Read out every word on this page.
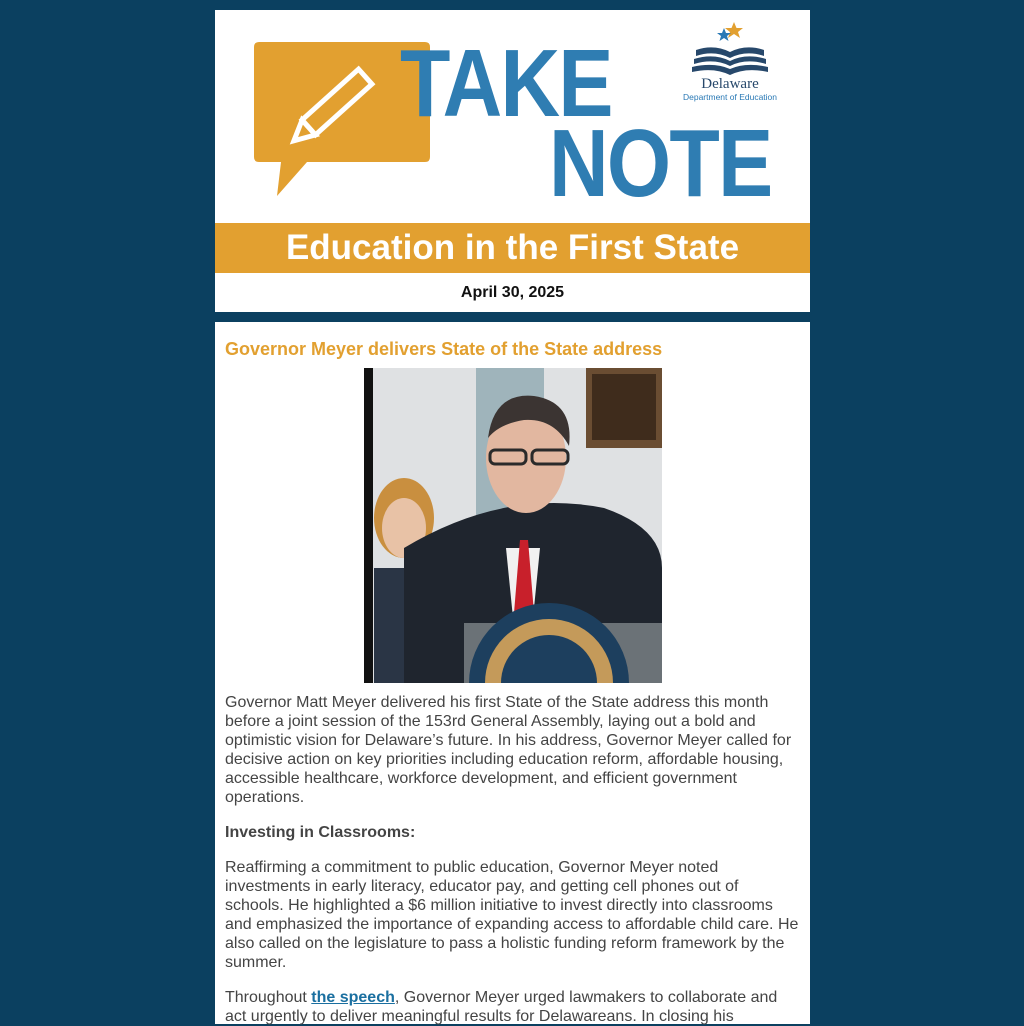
TAKE
NOTE
Delaware
Department of Education
Education in the First State
April 30, 2025
Governor Meyer delivers State of the State address

Governor Matt Meyer delivered his first State of the State address this month before a joint session of the 153rd General Assembly, laying out a bold and optimistic vision for Delaware’s future. In his address, Governor Meyer called for decisive action on key priorities including education reform, affordable housing, accessible healthcare, workforce development, and efficient government operations.

Investing in Classrooms:

Reaffirming a commitment to public education, Governor Meyer noted investments in early literacy, educator pay, and getting cell phones out of schools. He highlighted a $6 million initiative to invest directly into classrooms and emphasized the importance of expanding access to affordable child care. He also called on the legislature to pass a holistic funding reform framework by the summer.

Throughout the speech, Governor Meyer urged lawmakers to collaborate and act urgently to deliver meaningful results for Delawareans. In closing his
